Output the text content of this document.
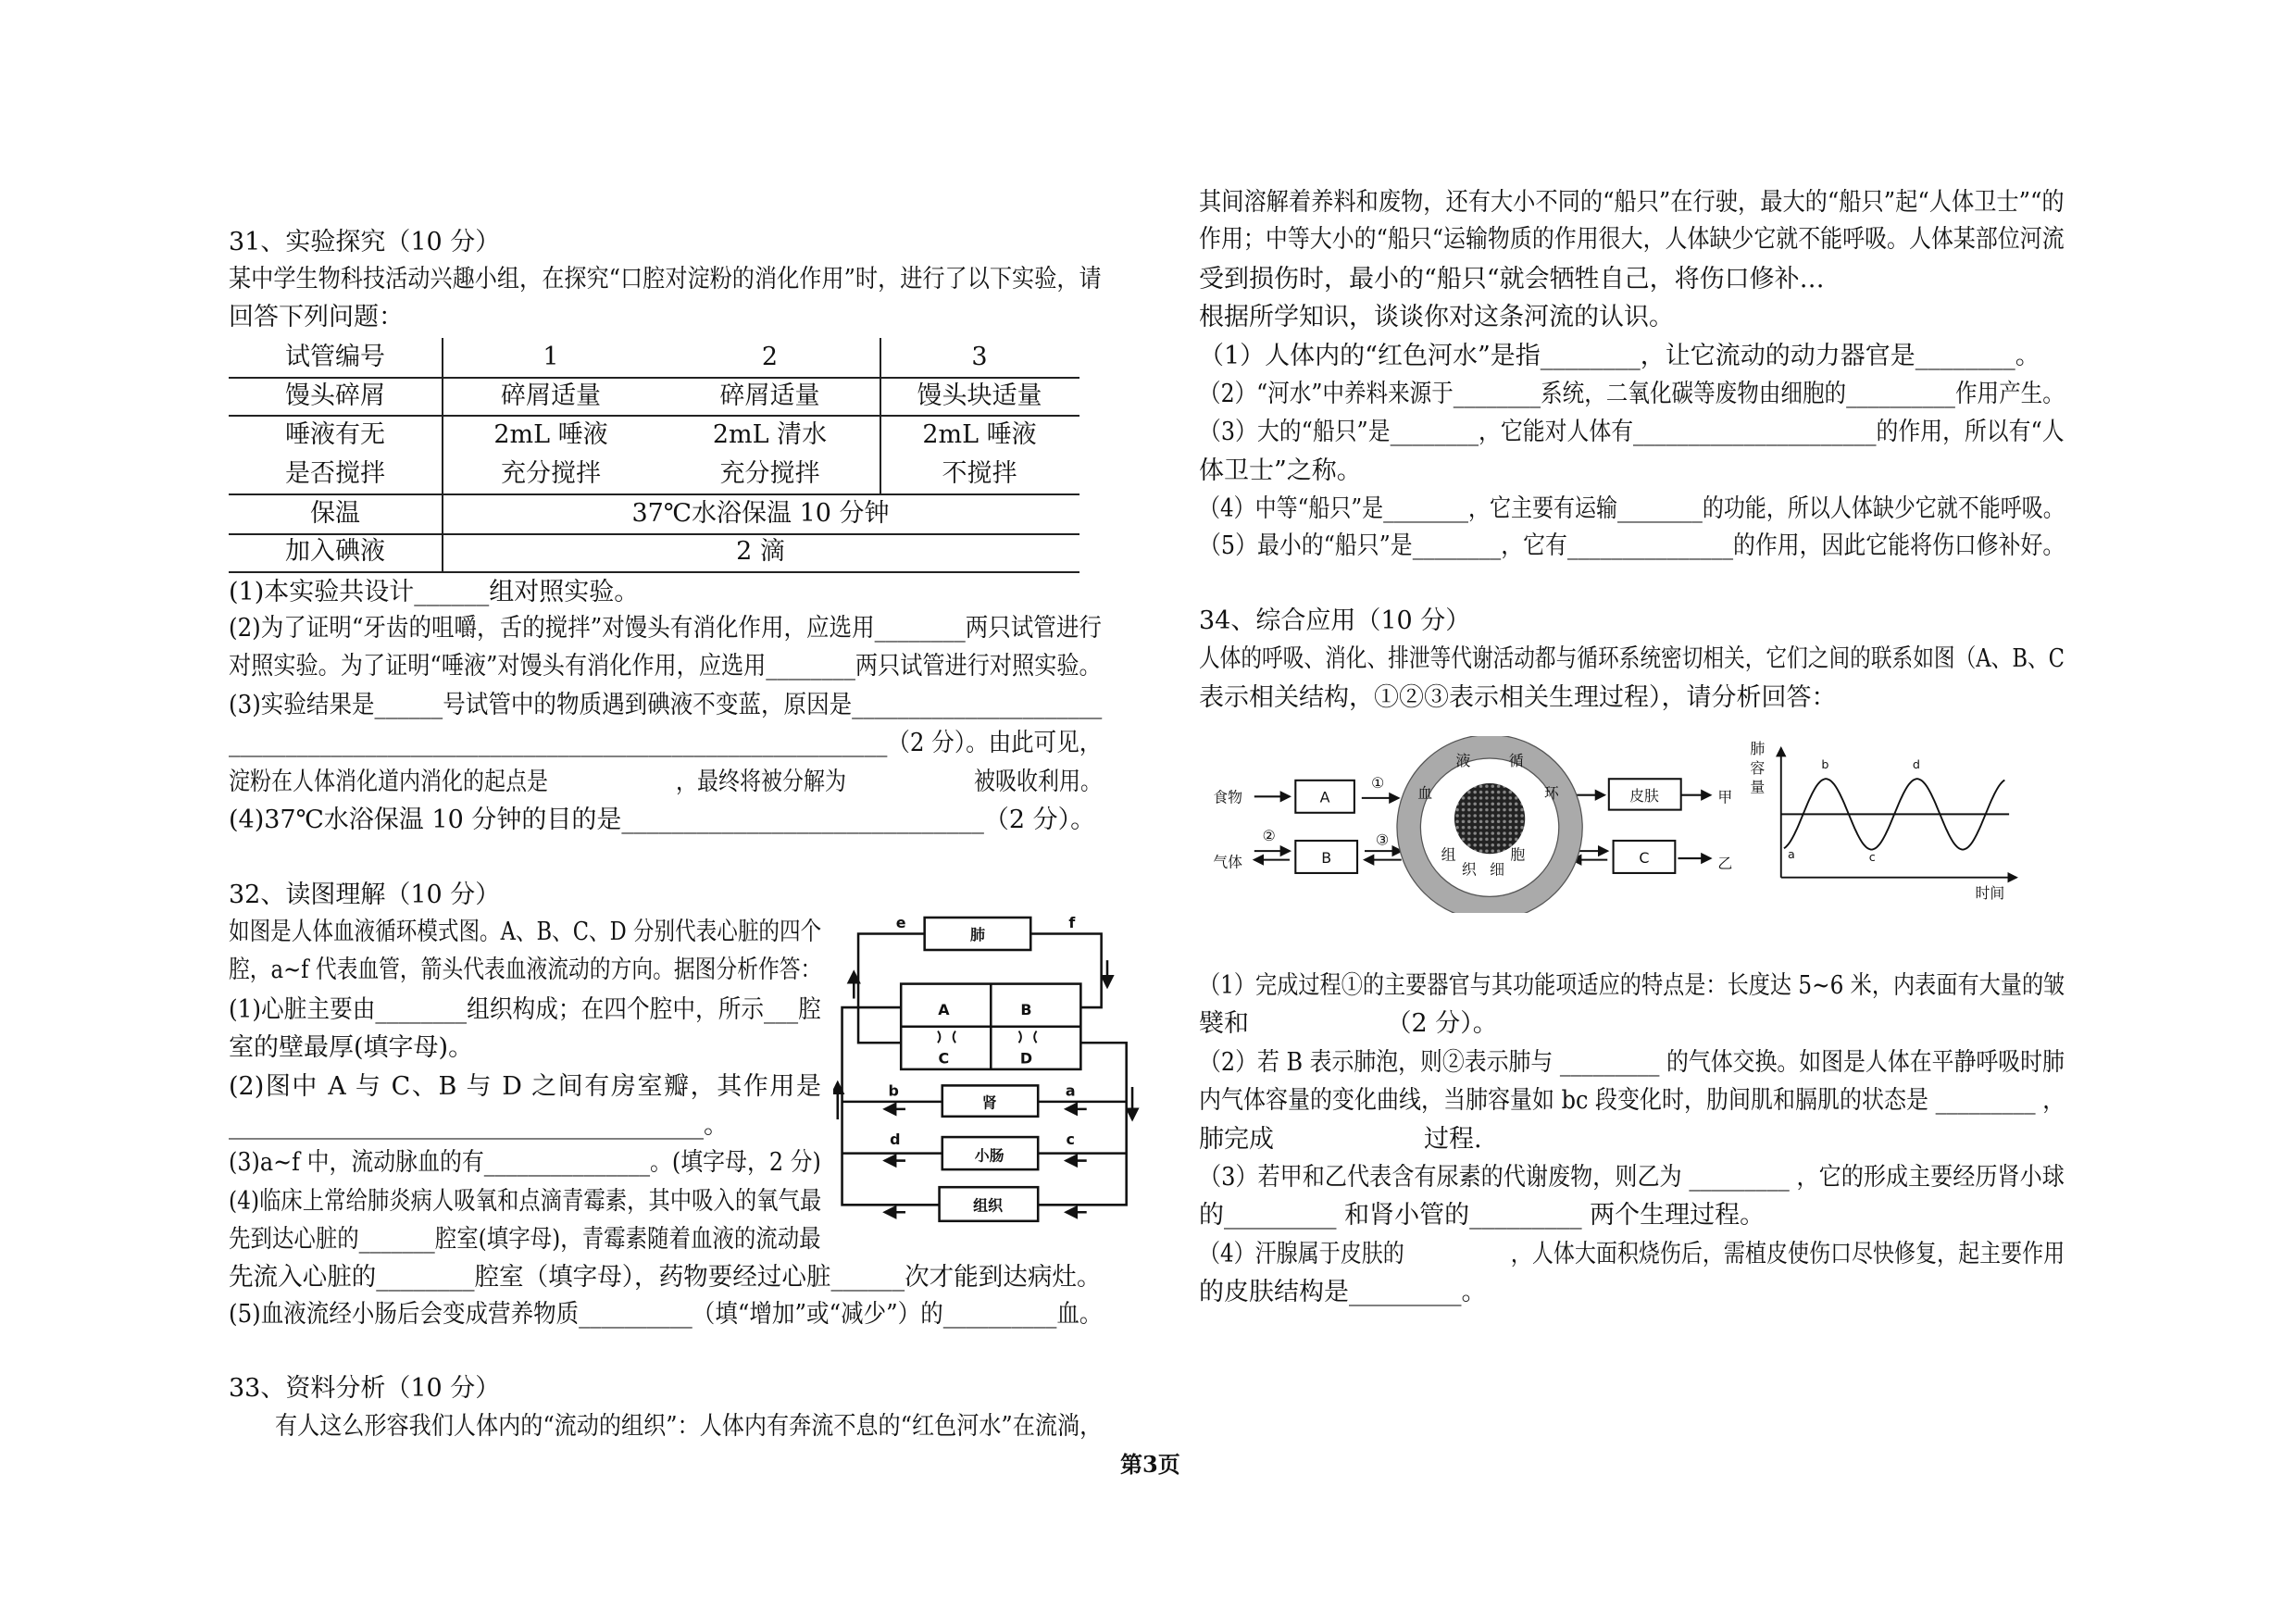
31、实验探究（10 分）
某中学生物科技活动兴趣小组，在探究“口腔对淀粉的消化作用”时，进行了以下实验，请
回答下列问题：
试管编号	1	2	3
馒头碎屑	碎屑适量	碎屑适量	馒头块适量
唾液有无	2mL 唾液	2mL 清水	2mL 唾液
是否搅拌	充分搅拌	充分搅拌	不搅拌
保温	37℃水浴保温 10 分钟
加入碘液	2 滴
(1)本实验共设计______组对照实验。
(2)为了证明“牙齿的咀嚼，舌的搅拌”对馒头有消化作用，应选用________两只试管进行
对照实验。为了证明“唾液”对馒头有消化作用，应选用________两只试管进行对照实验。
(3)实验结果是______号试管中的物质遇到碘液不变蓝，原因是______________________
__________________________________________________________（2 分）。由此可见，
淀粉在人体消化道内消化的起点是　　　　　　，最终将被分解为　　　　　　被吸收利用。
(4)37℃水浴保温 10 分钟的目的是_____________________________（2 分）。
32、读图理解（10 分）
如图是人体血液循环模式图。A、B、C、D 分别代表心脏的四个
腔，a~f 代表血管，箭头代表血液流动的方向。据图分析作答：
(1)心脏主要由________组织构成；在四个腔中，所示___腔
室的壁最厚(填字母)。
(2)图中 A 与 C、B 与 D 之间有房室瓣，其作用是
______________________________________。
(3)a~f 中，流动脉血的有_______________。(填字母，2 分)
(4)临床上常给肺炎病人吸氧和点滴青霉素，其中吸入的氧气最
先到达心脏的_______腔室(填字母)，青霉素随着血液的流动最
先流入心脏的________腔室（填字母），药物要经过心脏______次才能到达病灶。
(5)血液流经小肠后会变成营养物质__________（填“增加”或“减少”）的__________血。
肺
肾
小肠
组织
A	B
C	D
a
b
c
d
e	f
33、资料分析（10 分）
有人这么形容我们人体内的“流动的组织”：人体内有奔流不息的“红色河水”在流淌，
其间溶解着养料和废物，还有大小不同的“船只”在行驶，最大的“船只”起“人体卫士”“的
作用；中等大小的“船只“运输物质的作用很大，人体缺少它就不能呼吸。人体某部位河流
受到损伤时，最小的“船只“就会牺牲自己，将伤口修补…
根据所学知识，谈谈你对这条河流的认识。
（1）人体内的“红色河水”是指________，让它流动的动力器官是________。
（2）“河水”中养料来源于________系统，二氧化碳等废物由细胞的__________作用产生。
（3）大的“船只”是________，它能对人体有______________________的作用，所以有“人
体卫士”之称。
（4）中等“船只”是________，它主要有运输________的功能，所以人体缺少它就不能呼吸。
（5）最小的“船只”是________，它有_______________的作用，因此它能将伤口修补好。
34、综合应用（10 分）
人体的呼吸、消化、排泄等代谢活动都与循环系统密切相关，它们之间的联系如图（A、B、C
表示相关结构，①②③表示相关生理过程），请分析回答：
食物
气体
A
B	C
①
②	③
皮肤	甲
乙
血
液	循
环
组
织 细
胞
肺
容
量
时间
a
b
c
d
（1）完成过程①的主要器官与其功能项适应的特点是：长度达 5~6 米，内表面有大量的皱
襞和　　　　　　（2 分）。
（2）若 B 表示肺泡，则②表示肺与 _________ 的气体交换。如图是人体在平静呼吸时肺
内气体容量的变化曲线，当肺容量如 bc 段变化时，肋间肌和膈肌的状态是 _________ ，
肺完成　　　　　　过程.
（3）若甲和乙代表含有尿素的代谢废物，则乙为 _________ ，它的形成主要经历肾小球
的_________ 和肾小管的_________ 两个生理过程。
（4）汗腺属于皮肤的　　　　　，人体大面积烧伤后，需植皮使伤口尽快修复，起主要作用
的皮肤结构是_________。
第3页
